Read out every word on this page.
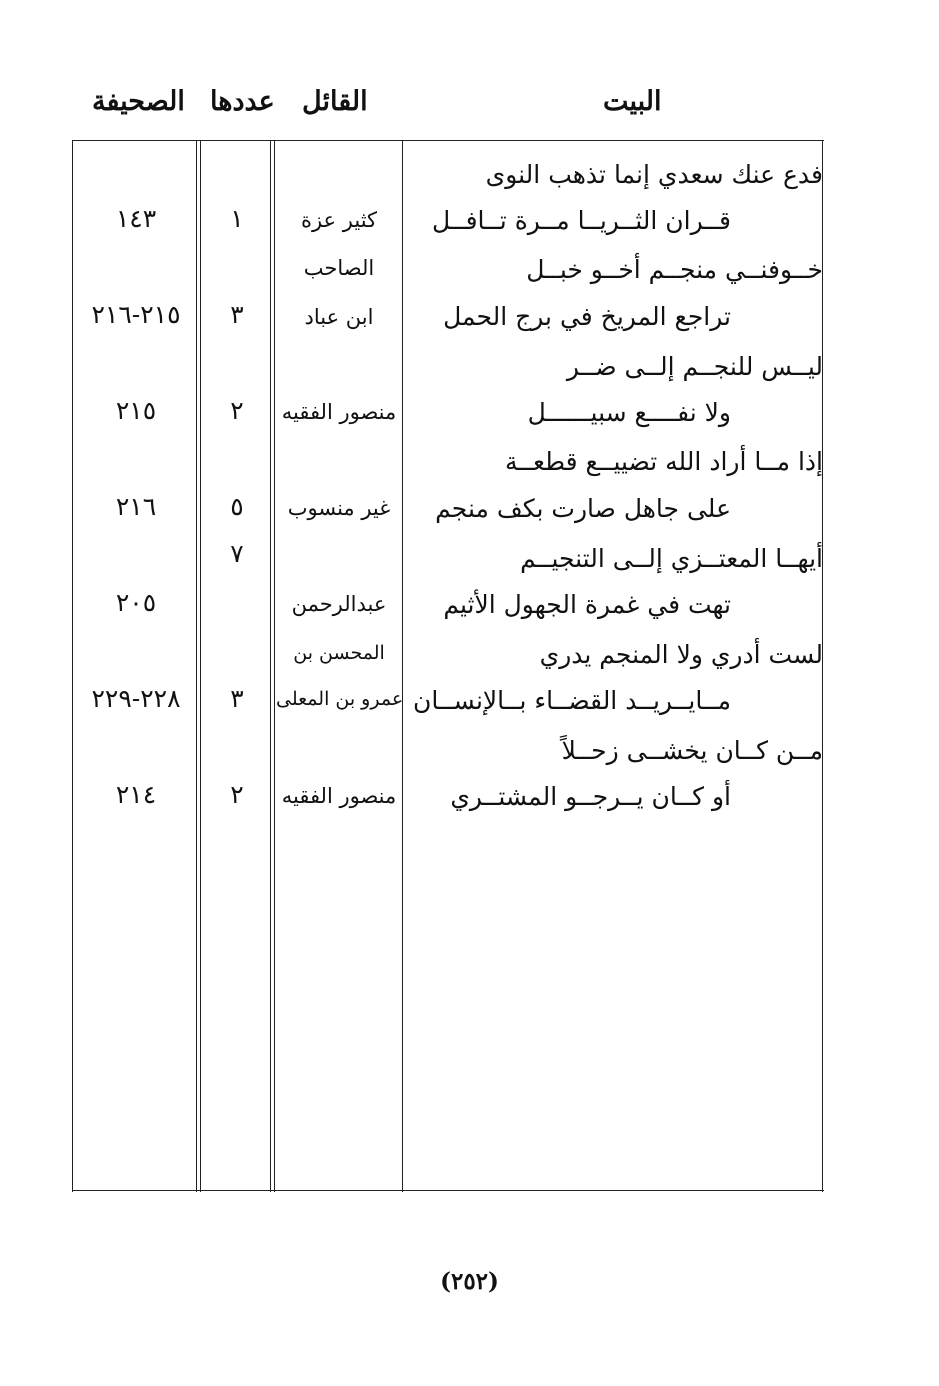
البيت
القائل
عددها
الصحيفة
فدع عنك سعدي إنما تذهب النوى
قــران الثــريــا مــرة تــافــل
كثير عزة
١
١٤٣
خــوفنــي منجــم أخــو خبــل
الصاحب
تراجع المريخ في برج الحمل
ابن عباد
٣
٢١٥-٢١٦
ليــس للنجــم إلــى ضــر
ولا نفــــع سبيــــــل
منصور الفقيه
٢
٢١٥
إذا مــا أراد الله تضييــع قطعــة
على جاهل صارت بكف منجم
غير منسوب
٥
٢١٦
أيهــا المعتــزي إلــى التنجيــم
٧
تهت في غمرة الجهول الأثيم
عبدالرحمن
٢٠٥
لست أدري ولا المنجم يدري
المحسن بن
مــايــريــد القضــاء بــالإنســان
عمرو بن المعلى
٣
٢٢٨-٢٢٩
مــن كــان يخشــى زحــلاً
أو كــان يــرجــو المشتــري
منصور الفقيه
٢
٢١٤
(٢٥٢)
